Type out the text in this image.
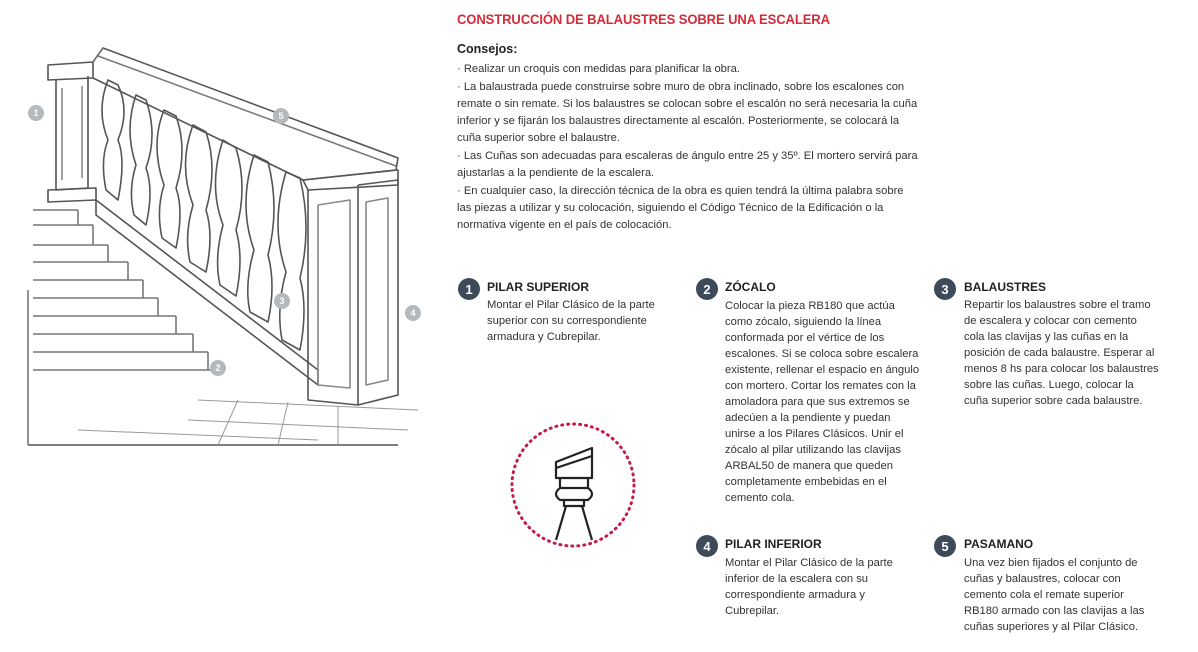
CONSTRUCCIÓN DE BALAUSTRES SOBRE UNA ESCALERA
Consejos:

· Realizar un croquis con medidas para planificar la obra.

· La balaustrada puede construirse sobre muro de obra inclinado, sobre los escalones con remate o sin remate. Si los balaustres se colocan sobre el escalón no será necesaria la cuña inferior y se fijarán los balaustres directamente al escalón. Posteriormente, se colocará la cuña superior sobre el balaustre.

· Las Cuñas son adecuadas para escaleras de ángulo entre 25 y 35º. El mortero servirá para ajustarlas a la pendiente de la escalera.

· En cualquier caso, la dirección técnica de la obra es quien tendrá la última palabra sobre las piezas a utilizar y su colocación, siguiendo el Código Técnico de la Edificación o la normativa vigente en el país de colocación.

1
2
3
4
5
1	PILAR SUPERIOR
Montar el Pilar Clásico de la parte superior con su correspondiente armadura y Cubrepilar.
2	ZÓCALO
Colocar la pieza RB180 que actúa como zócalo, siguiendo la línea conformada por el vértice de los escalones. Si se coloca sobre escalera existente, rellenar el espacio en ángulo con mortero. Cortar los remates con la amoladora para que sus extremos se adecúen a la pendiente y puedan unirse a los Pilares Clásicos. Unir el zócalo al pilar utilizando las clavijas ARBAL50 de manera que queden completamente embebidas en el cemento cola.
3	BALAUSTRES
Repartir los balaustres sobre el tramo de escalera y colocar con cemento cola las clavijas y las cuñas en la posición de cada balaustre. Esperar al menos 8 hs para colocar los balaustres sobre las cuñas. Luego, colocar la cuña superior sobre cada balaustre.
4	PILAR INFERIOR
Montar el Pilar Clásico de la parte inferior de la escalera con su correspondiente armadura y Cubrepilar.
5	PASAMANO
Una vez bien fijados el conjunto de cuñas y balaustres, colocar con cemento cola el remate superior RB180 armado con las clavijas a las cuñas superiores y al Pilar Clásico.
